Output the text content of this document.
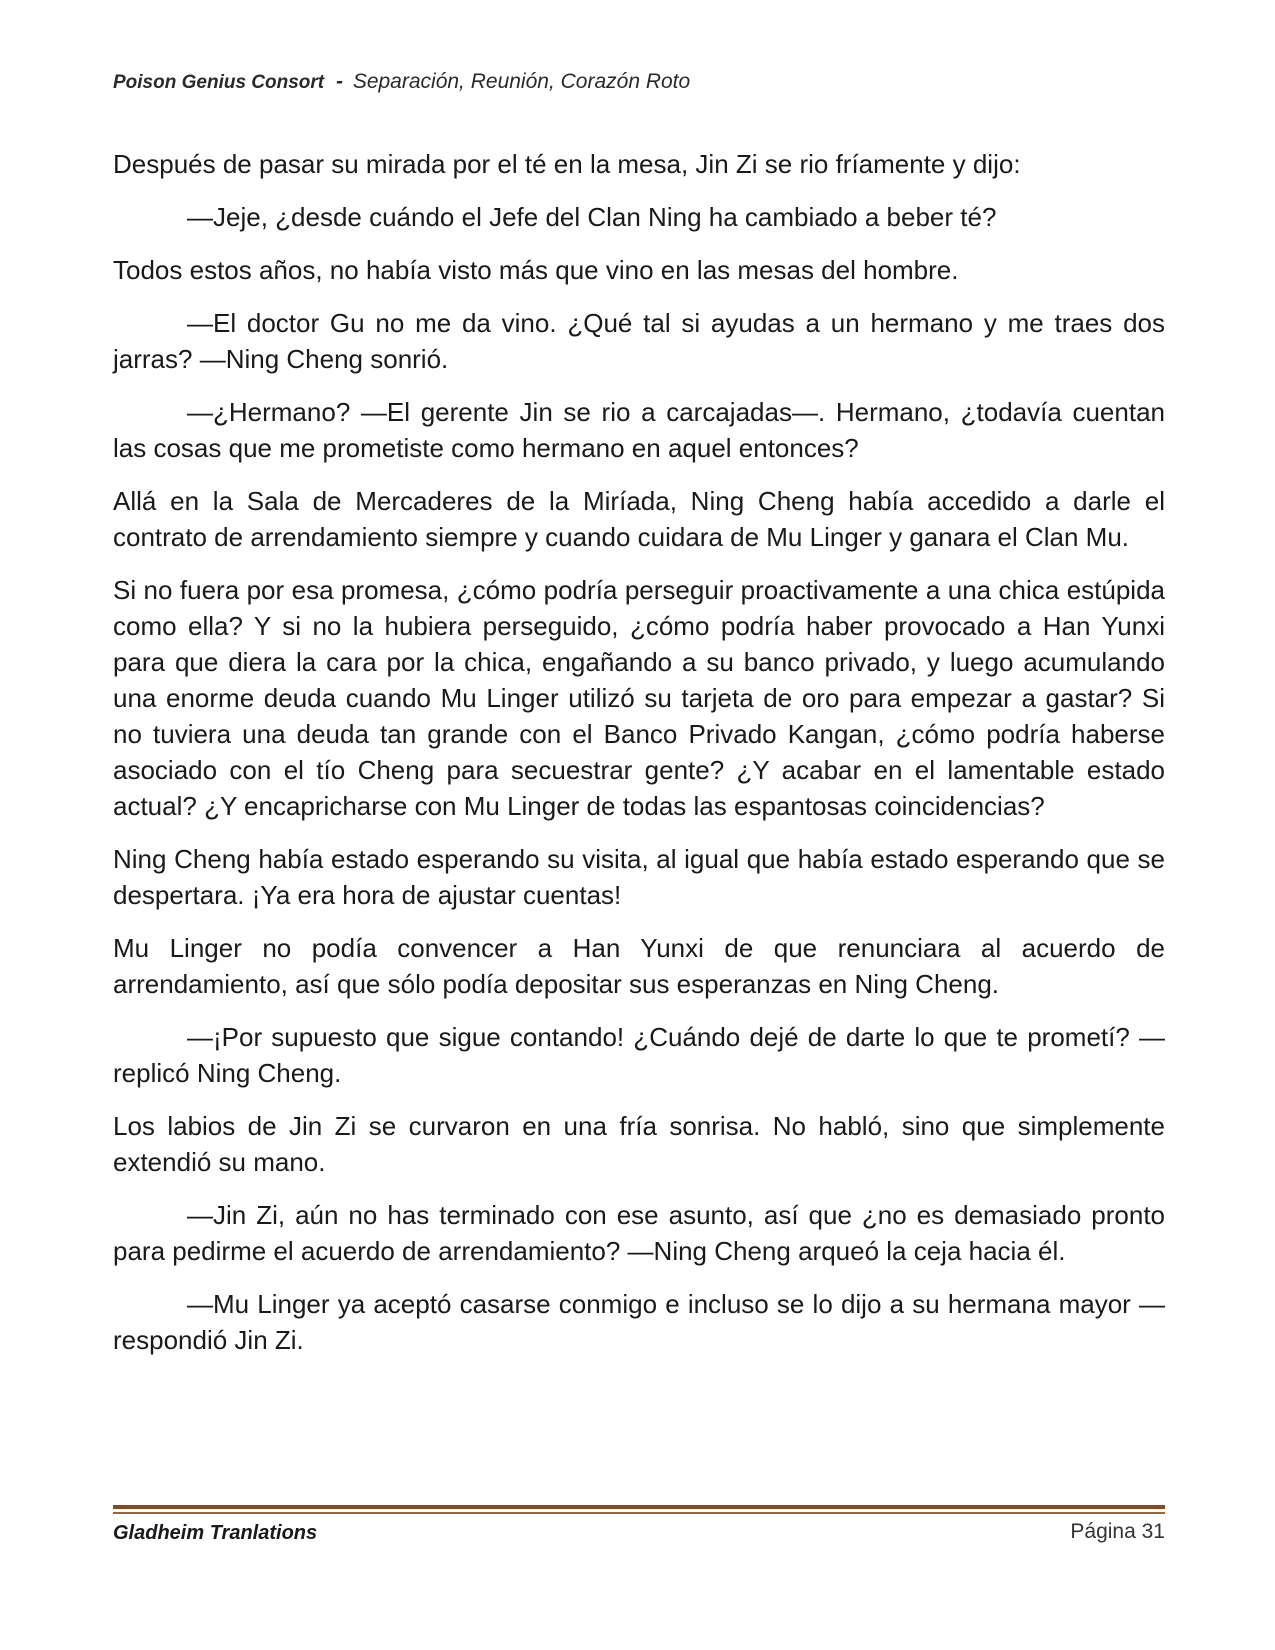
Poison Genius Consort - Separación, Reunión, Corazón Roto

Después de pasar su mirada por el té en la mesa, Jin Zi se rio fríamente y dijo:

—Jeje, ¿desde cuándo el Jefe del Clan Ning ha cambiado a beber té?

Todos estos años, no había visto más que vino en las mesas del hombre.

—El doctor Gu no me da vino. ¿Qué tal si ayudas a un hermano y me traes dos jarras? —Ning Cheng sonrió.

—¿Hermano? —El gerente Jin se rio a carcajadas—. Hermano, ¿todavía cuentan las cosas que me prometiste como hermano en aquel entonces?

Allá en la Sala de Mercaderes de la Miríada, Ning Cheng había accedido a darle el contrato de arrendamiento siempre y cuando cuidara de Mu Linger y ganara el Clan Mu.

Si no fuera por esa promesa, ¿cómo podría perseguir proactivamente a una chica estúpida como ella? Y si no la hubiera perseguido, ¿cómo podría haber provocado a Han Yunxi para que diera la cara por la chica, engañando a su banco privado, y luego acumulando una enorme deuda cuando Mu Linger utilizó su tarjeta de oro para empezar a gastar? Si no tuviera una deuda tan grande con el Banco Privado Kangan, ¿cómo podría haberse asociado con el tío Cheng para secuestrar gente? ¿Y acabar en el lamentable estado actual? ¿Y encapricharse con Mu Linger de todas las espantosas coincidencias?

Ning Cheng había estado esperando su visita, al igual que había estado esperando que se despertara. ¡Ya era hora de ajustar cuentas!

Mu Linger no podía convencer a Han Yunxi de que renunciara al acuerdo de arrendamiento, así que sólo podía depositar sus esperanzas en Ning Cheng.

—¡Por supuesto que sigue contando! ¿Cuándo dejé de darte lo que te prometí? —replicó Ning Cheng.

Los labios de Jin Zi se curvaron en una fría sonrisa. No habló, sino que simplemente extendió su mano.

—Jin Zi, aún no has terminado con ese asunto, así que ¿no es demasiado pronto para pedirme el acuerdo de arrendamiento? —Ning Cheng arqueó la ceja hacia él.

—Mu Linger ya aceptó casarse conmigo e incluso se lo dijo a su hermana mayor —respondió Jin Zi.

Gladheim Tranlations	Página 31
